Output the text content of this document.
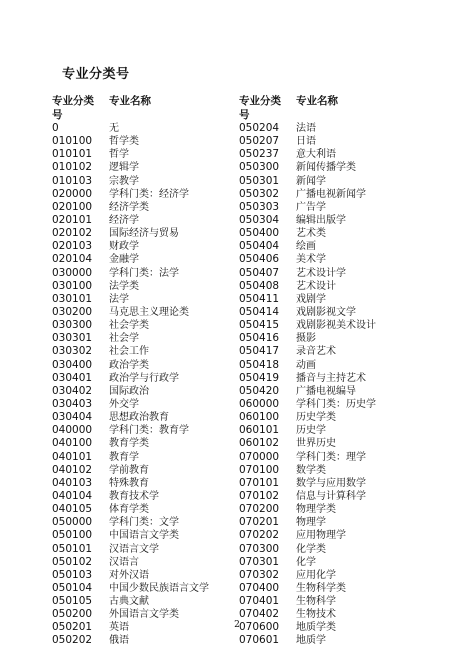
专业分类号
专业分类号
专业名称
0	无
010100 哲学类
010101 哲学
010102 逻辑学
010103 宗教学
020000 学科门类：经济学
020100 经济学类
020101 经济学
020102 国际经济与贸易
020103 财政学
020104 金融学
030000 学科门类：法学
030100 法学类
030101 法学
030200 马克思主义理论类
030300 社会学类
030301 社会学
030302 社会工作
030400 政治学类
030401 政治学与行政学
030402 国际政治
030403 外交学
030404 思想政治教育
040000 学科门类：教育学
040100 教育学类
040101 教育学
040102 学前教育
040103 特殊教育
040104 教育技术学
040105 体育学类
050000 学科门类：文学
050100 中国语言文学类
050101 汉语言文学
050102 汉语言
050103 对外汉语
050104 中国少数民族语言文学
050105 古典文献
050200 外国语言文学类
050201 英语
050202 俄语
专业分类号
专业名称
050204 法语
050207 日语
050237 意大利语
050300 新闻传播学类
050301 新闻学
050302 广播电视新闻学
050303 广告学
050304 编辑出版学
050400 艺术类
050404 绘画
050406 美术学
050407 艺术设计学
050408 艺术设计
050411 戏剧学
050414 戏剧影视文学
050415 戏剧影视美术设计
050416 摄影
050417 录音艺术
050418 动画
050419 播音与主持艺术
050420 广播电视编导
060000 学科门类：历史学
060100 历史学类
060101 历史学
060102 世界历史
070000 学科门类：理学
070100 数学类
070101 数学与应用数学
070102 信息与计算科学
070200 物理学类
070201 物理学
070202 应用物理学
070300 化学类
070301 化学
070302 应用化学
070400 生物科学类
070401 生物科学
070402 生物技术
070600 地质学类
070601 地质学
2
